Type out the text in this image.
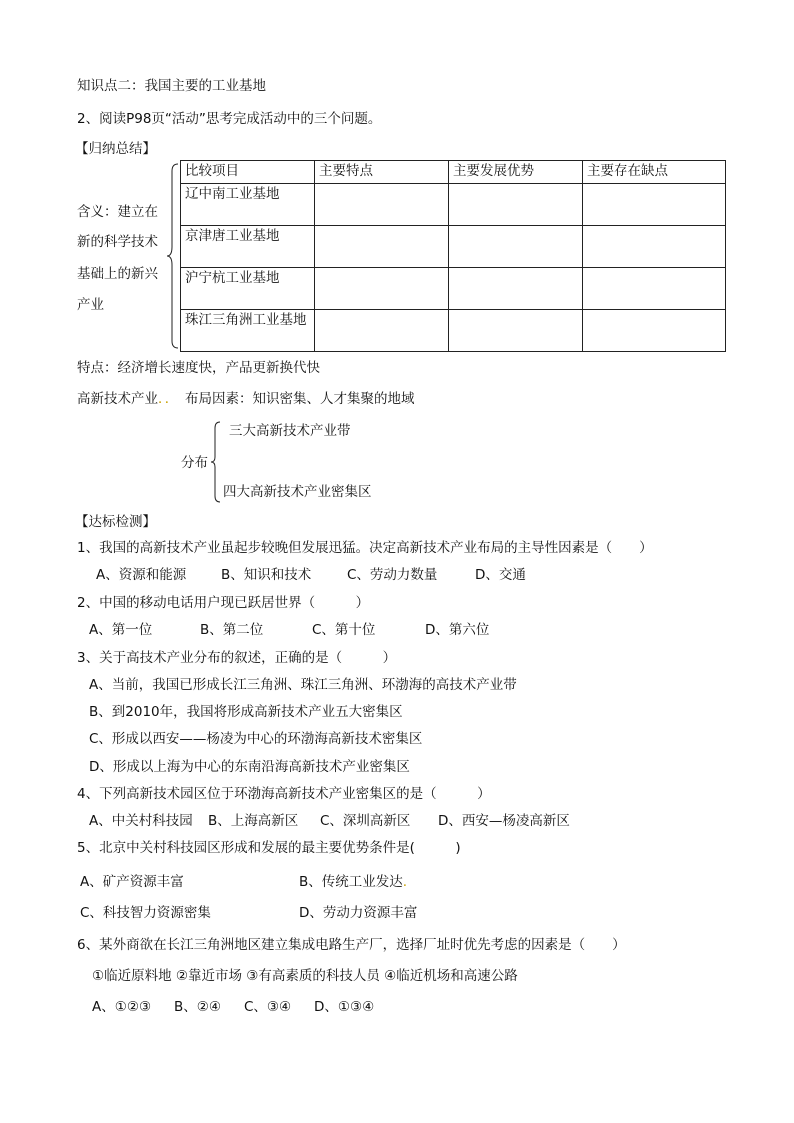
知识点二：我国主要的工业基地
2、阅读P98页“活动”思考完成活动中的三个问题。
【归纳总结】
含义：建立在
新的科学技术
基础上的新兴
产业
比较项目	主要特点	主要发展优势	主要存在缺点
辽中南工业基地			
京津唐工业基地			
沪宁杭工业基地			
珠江三角洲工业基地			
特点：经济增长速度快，产品更新换代快
高新技术产业．． 布局因素：知识密集、人才集聚的地域
分布
三大高新技术产业带
四大高新技术产业密集区
【达标检测】
1、我国的高新技术产业虽起步较晚但发展迅猛。决定高新技术产业布局的主导性因素是（　　）
A、资源和能源	B、知识和技术	C、劳动力数量	D、交通
2、中国的移动电话用户现已跃居世界（　　　）
A、第一位	B、第二位	C、第十位	D、第六位
3、关于高技术产业分布的叙述，正确的是（　　　）
A、当前，我国已形成长江三角洲、珠江三角洲、环渤海的高技术产业带
B、到2010年，我国将形成高新技术产业五大密集区
C、形成以西安——杨凌为中心的环渤海高新技术密集区
D、形成以上海为中心的东南沿海高新技术产业密集区
4、下列高新技术园区位于环渤海高新技术产业密集区的是（　　　）
A、中关村科技园 B、上海高新区 C、深圳高新区 D、西安—杨凌高新区
5、北京中关村科技园区形成和发展的最主要优势条件是(　　　)
A、矿产资源丰富	B、传统工业发达.
C、科技智力资源密集	D、劳动力资源丰富
6、某外商欲在长江三角洲地区建立集成电路生产厂，选择厂址时优先考虑的因素是（　　）
①临近原料地 ②靠近市场 ③有高素质的科技人员 ④临近机场和高速公路
A、①②③ B、②④ C、③④ D、①③④
